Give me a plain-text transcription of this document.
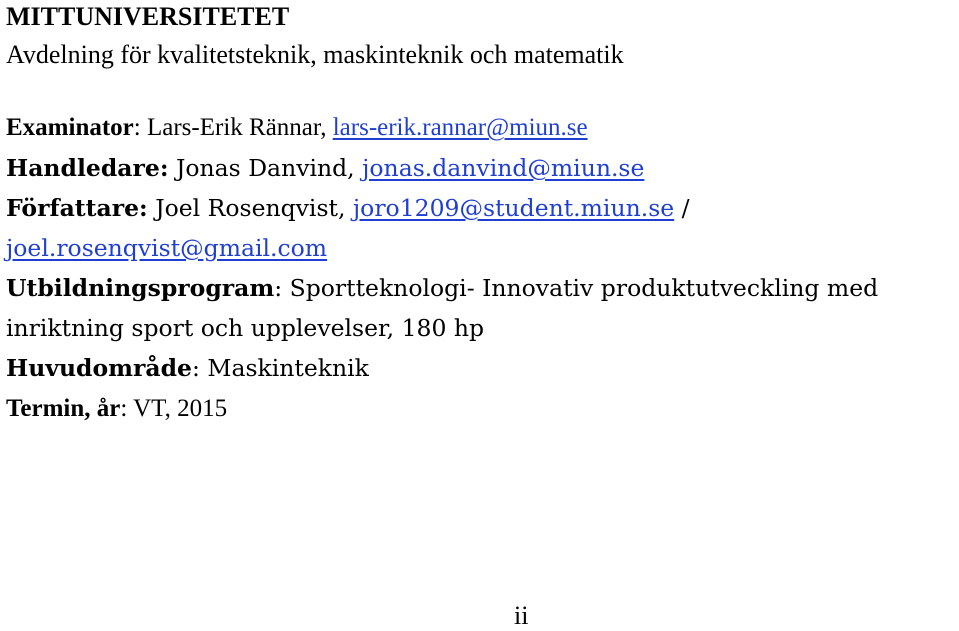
MITTUNIVERSITETET
Avdelning för kvalitetsteknik, maskinteknik och matematik
Examinator: Lars-Erik Rännar, lars-erik.rannar@miun.se
Handledare: Jonas Danvind, jonas.danvind@miun.se
Författare: Joel Rosenqvist, joro1209@student.miun.se /
joel.rosenqvist@gmail.com
Utbildningsprogram: Sportteknologi- Innovativ produktutveckling med
inriktning sport och upplevelser, 180 hp
Huvudområde: Maskinteknik
Termin, år: VT, 2015
ii
